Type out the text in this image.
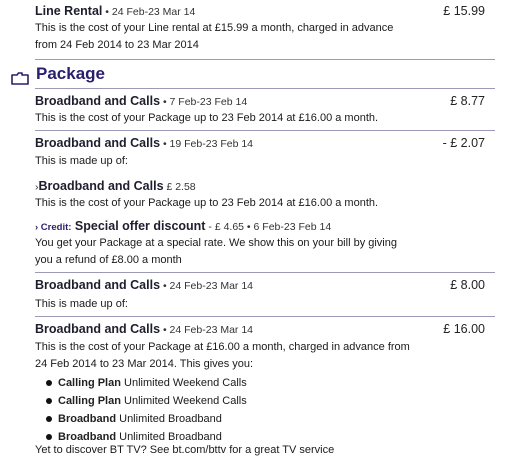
Line Rental • 24 Feb-23 Mar 14	£ 15.99
This is the cost of your Line rental at £15.99 a month, charged in advance
from 24 Feb 2014 to 23 Mar 2014
Package
Broadband and Calls • 7 Feb-23 Feb 14	£ 8.77
This is the cost of your Package up to 23 Feb 2014 at £16.00 a month.
Broadband and Calls • 19 Feb-23 Feb 14	- £ 2.07
This is made up of:
›Broadband and Calls £ 2.58
This is the cost of your Package up to 23 Feb 2014 at £16.00 a month.
› Credit: Special offer discount - £ 4.65 • 6 Feb-23 Feb 14
You get your Package at a special rate. We show this on your bill by giving
you a refund of £8.00 a month
Broadband and Calls • 24 Feb-23 Mar 14	£ 8.00
This is made up of:
Broadband and Calls • 24 Feb-23 Mar 14	£ 16.00
This is the cost of your Package at £16.00 a month, charged in advance from
24 Feb 2014 to 23 Mar 2014. This gives you:
Calling Plan Unlimited Weekend Calls
Calling Plan Unlimited Weekend Calls
Broadband Unlimited Broadband
Broadband Unlimited Broadband
Yet to discover BT TV? See bt.com/bttv for a great TV service
